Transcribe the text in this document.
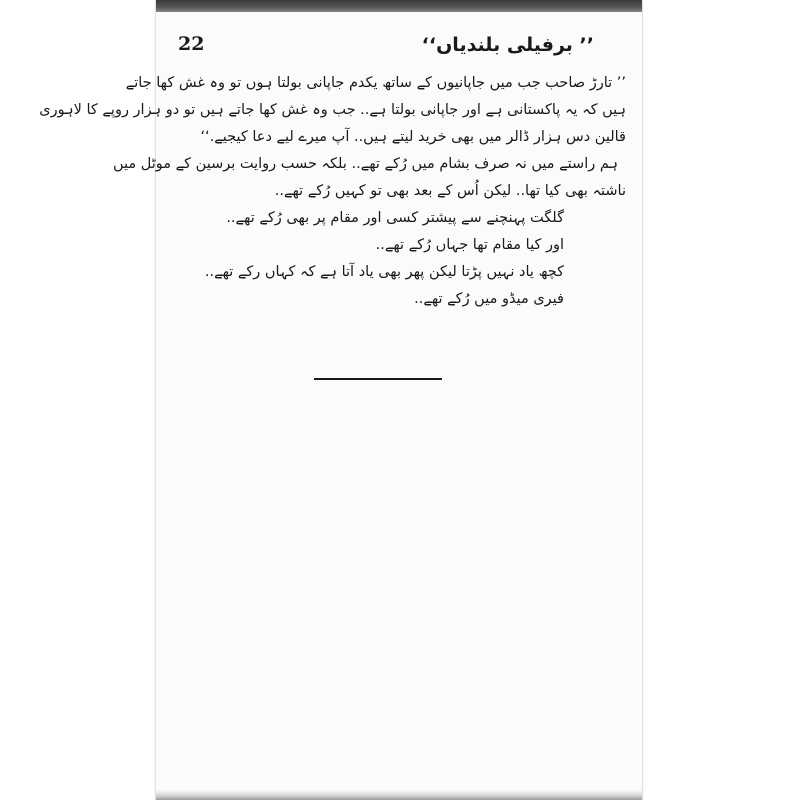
22	’’ برفیلی بلندیاں‘‘
’’ تارڑ صاحب جب میں جاپانیوں کے ساتھ یکدم جاپانی بولتا ہوں تو وہ غش کھا جاتے
ہیں کہ یہ پاکستانی ہے اور جاپانی بولتا ہے.. جب وہ غش کھا جاتے ہیں تو دو ہزار روپے کا لاہوری
قالین دس ہزار ڈالر میں بھی خرید لیتے ہیں.. آپ میرے لیے دعا کیجیے.‘‘
ہم راستے میں نہ صرف بشام میں رُکے تھے.. بلکہ حسب روایت برسین کے موٹل میں
ناشتہ بھی کیا تھا.. لیکن اُس کے بعد بھی تو کہیں رُکے تھے..
گلگت پہنچنے سے پیشتر کسی اور مقام پر بھی رُکے تھے..
اور کیا مقام تھا جہاں رُکے تھے..
کچھ یاد نہیں پڑتا لیکن پھر بھی یاد آتا ہے کہ کہاں رکے تھے..
فیری میڈو میں رُکے تھے..
